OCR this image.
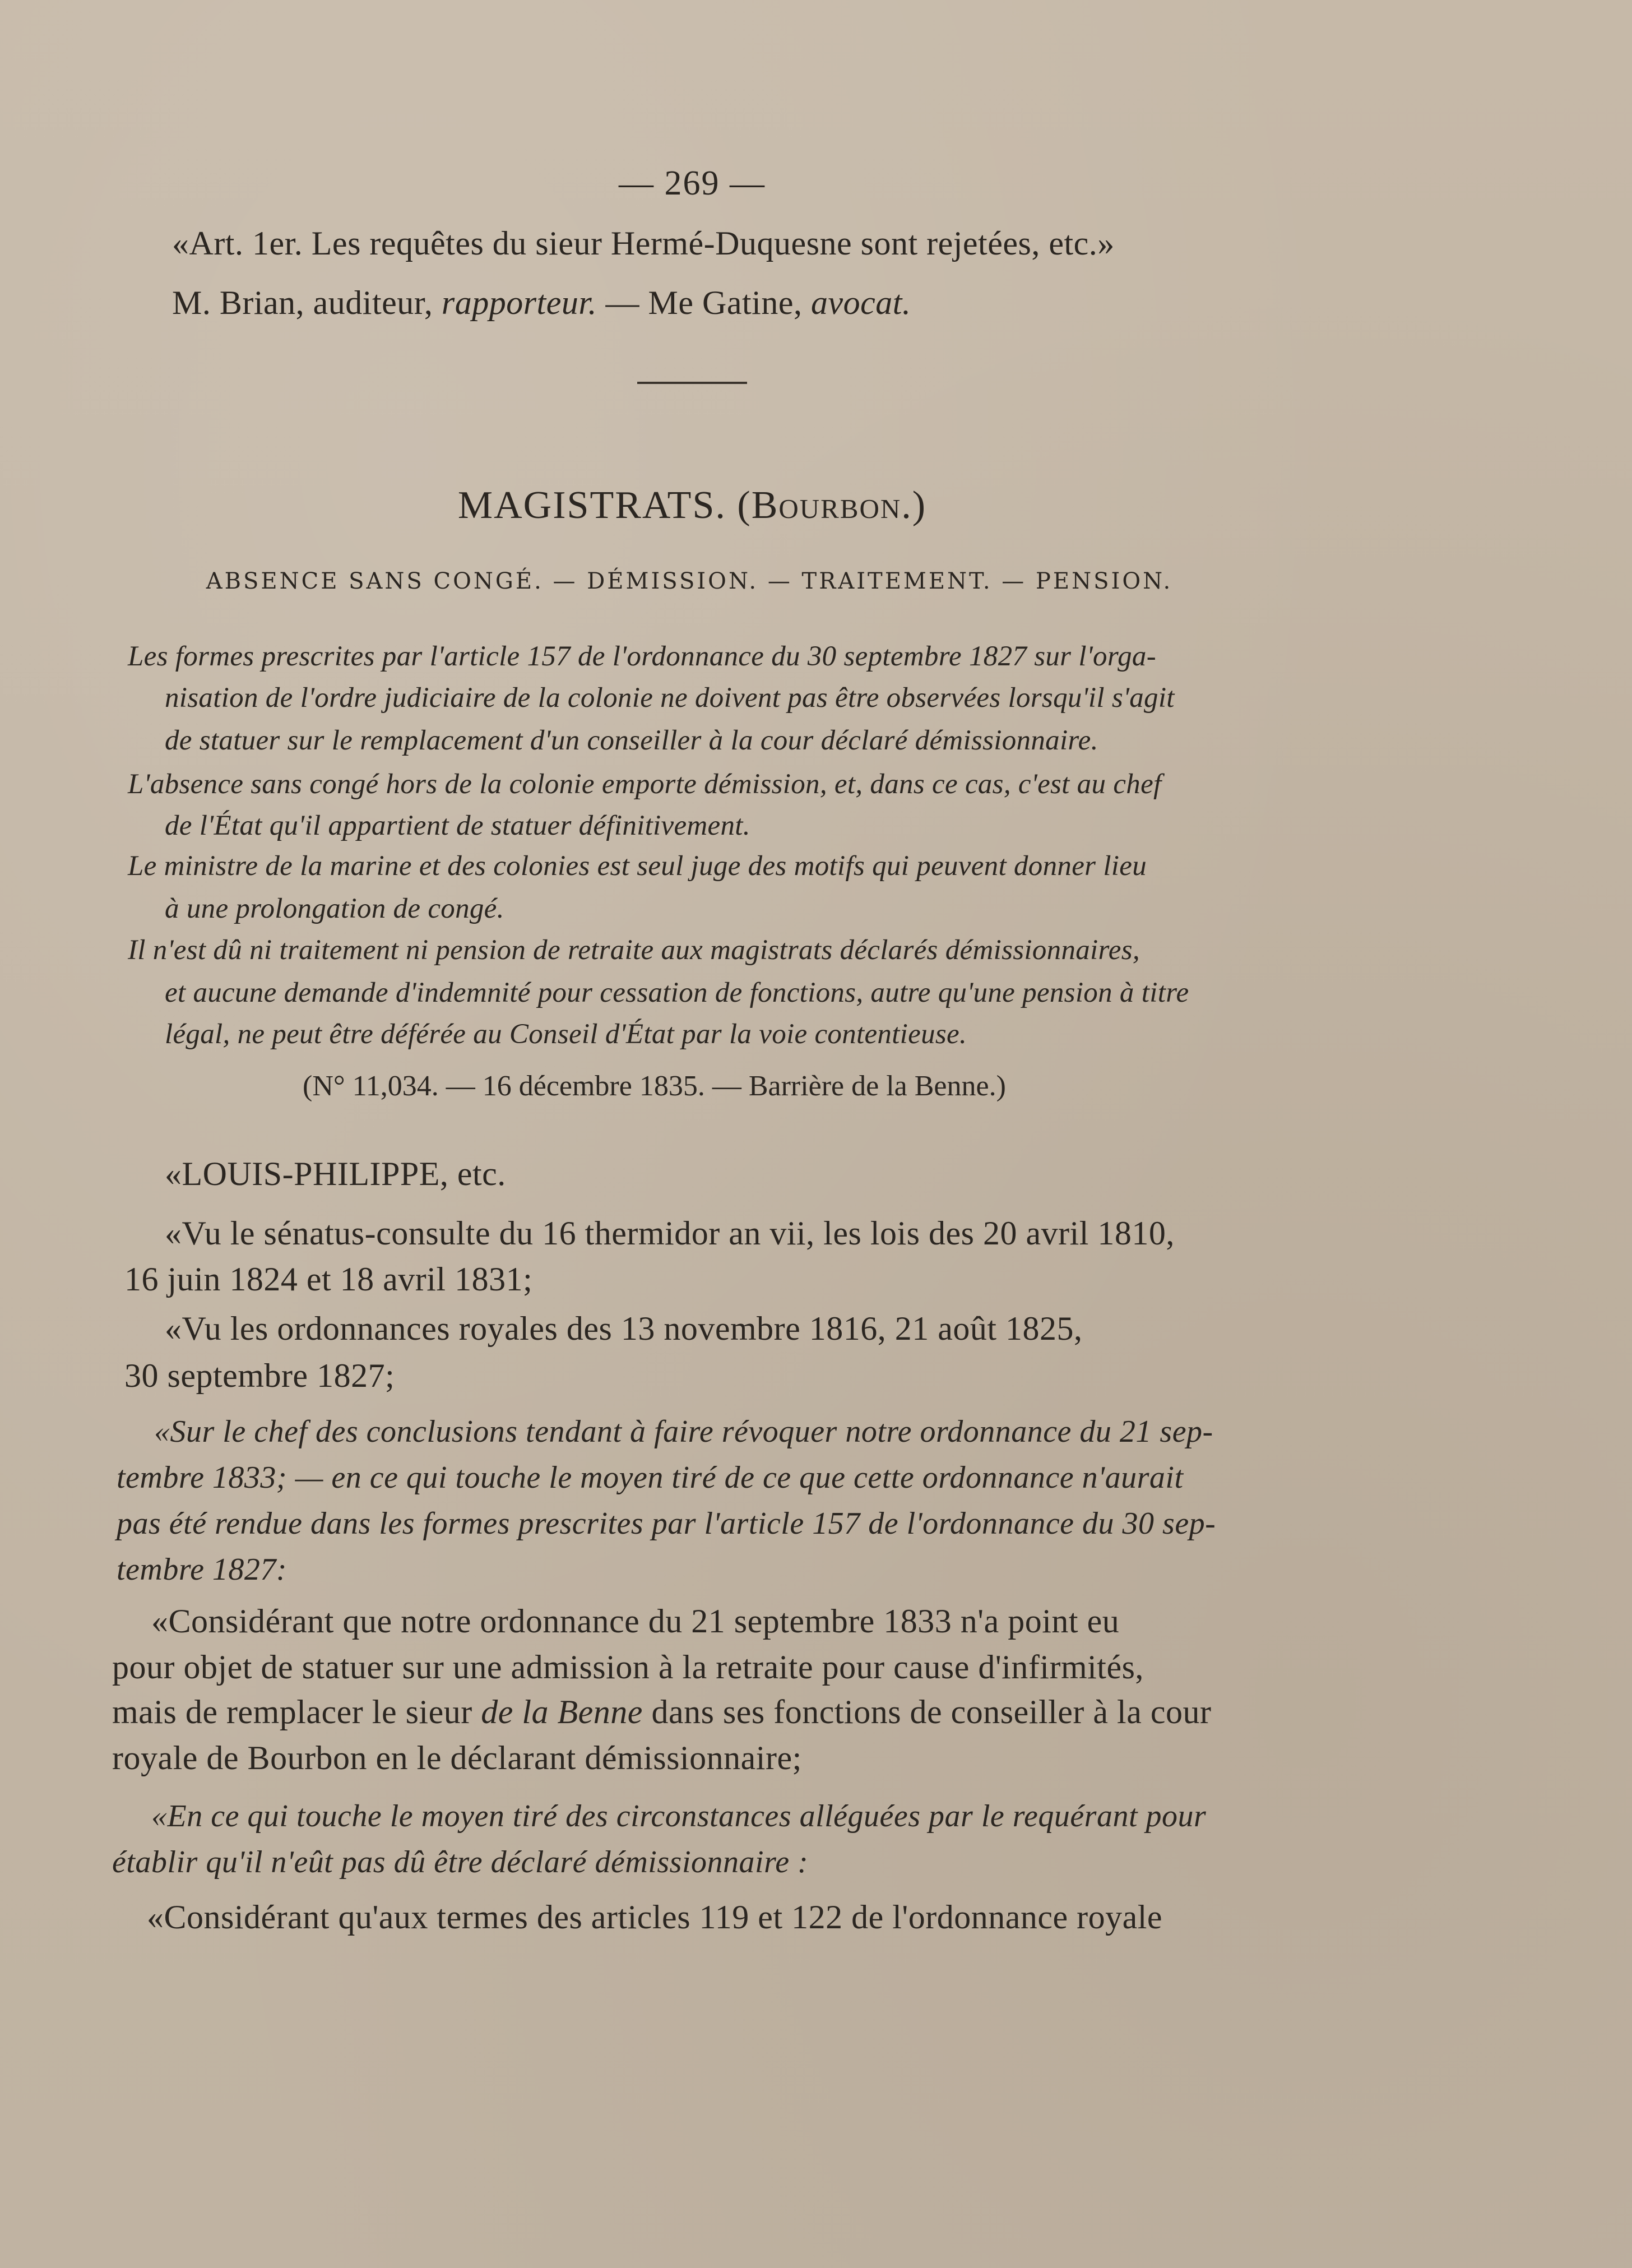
— 269 —
«Art. 1er. Les requêtes du sieur Hermé-Duquesne sont rejetées, etc.»
M. Brian, auditeur, rapporteur. — Me Gatine, avocat.
MAGISTRATS. (Bourbon.)
ABSENCE SANS CONGÉ. — DÉMISSION. — TRAITEMENT. — PENSION.
Les formes prescrites par l'article 157 de l'ordonnance du 30 septembre 1827 sur l'orga-
nisation de l'ordre judiciaire de la colonie ne doivent pas être observées lorsqu'il s'agit
de statuer sur le remplacement d'un conseiller à la cour déclaré démissionnaire.
L'absence sans congé hors de la colonie emporte démission, et, dans ce cas, c'est au chef
de l'État qu'il appartient de statuer définitivement.
Le ministre de la marine et des colonies est seul juge des motifs qui peuvent donner lieu
à une prolongation de congé.
Il n'est dû ni traitement ni pension de retraite aux magistrats déclarés démissionnaires,
et aucune demande d'indemnité pour cessation de fonctions, autre qu'une pension à titre
légal, ne peut être déférée au Conseil d'État par la voie contentieuse.
(N° 11,034. — 16 décembre 1835. — Barrière de la Benne.)
«LOUIS-PHILIPPE, etc.
«Vu le sénatus-consulte du 16 thermidor an vii, les lois des 20 avril 1810,
16 juin 1824 et 18 avril 1831;
«Vu les ordonnances royales des 13 novembre 1816, 21 août 1825,
30 septembre 1827;
«Sur le chef des conclusions tendant à faire révoquer notre ordonnance du 21 sep-
tembre 1833; — en ce qui touche le moyen tiré de ce que cette ordonnance n'aurait
pas été rendue dans les formes prescrites par l'article 157 de l'ordonnance du 30 sep-
tembre 1827:
«Considérant que notre ordonnance du 21 septembre 1833 n'a point eu
pour objet de statuer sur une admission à la retraite pour cause d'infirmités,
mais de remplacer le sieur de la Benne dans ses fonctions de conseiller à la cour
royale de Bourbon en le déclarant démissionnaire;
«En ce qui touche le moyen tiré des circonstances alléguées par le requérant pour
établir qu'il n'eût pas dû être déclaré démissionnaire :
«Considérant qu'aux termes des articles 119 et 122 de l'ordonnance royale
